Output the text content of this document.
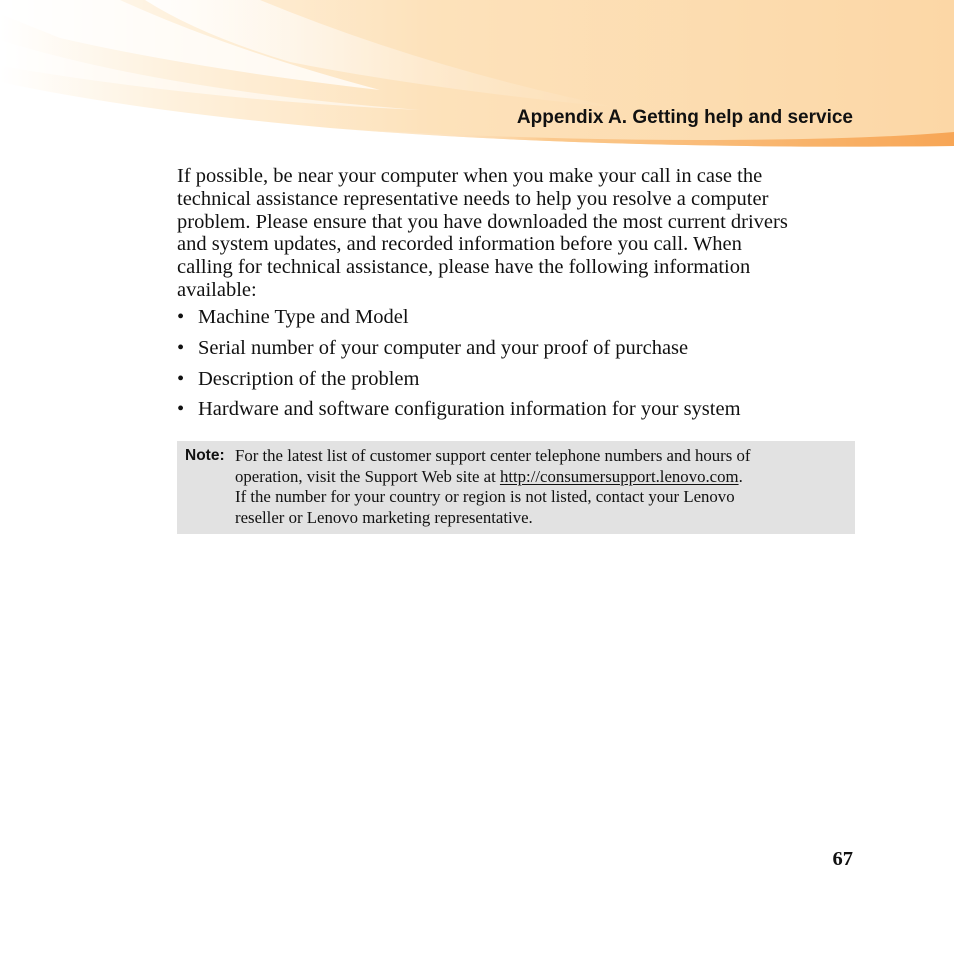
Appendix A. Getting help and service

If possible, be near your computer when you make your call in case the
technical assistance representative needs to help you resolve a computer
problem. Please ensure that you have downloaded the most current drivers
and system updates, and recorded information before you call. When
calling for technical assistance, please have the following information
available:

• Machine Type and Model
• Serial number of your computer and your proof of purchase
• Description of the problem
• Hardware and software configuration information for your system
Note: For the latest list of customer support center telephone numbers and hours of
operation, visit the Support Web site at http://consumersupport.lenovo.com.
If the number for your country or region is not listed, contact your Lenovo
reseller or Lenovo marketing representative.

67
